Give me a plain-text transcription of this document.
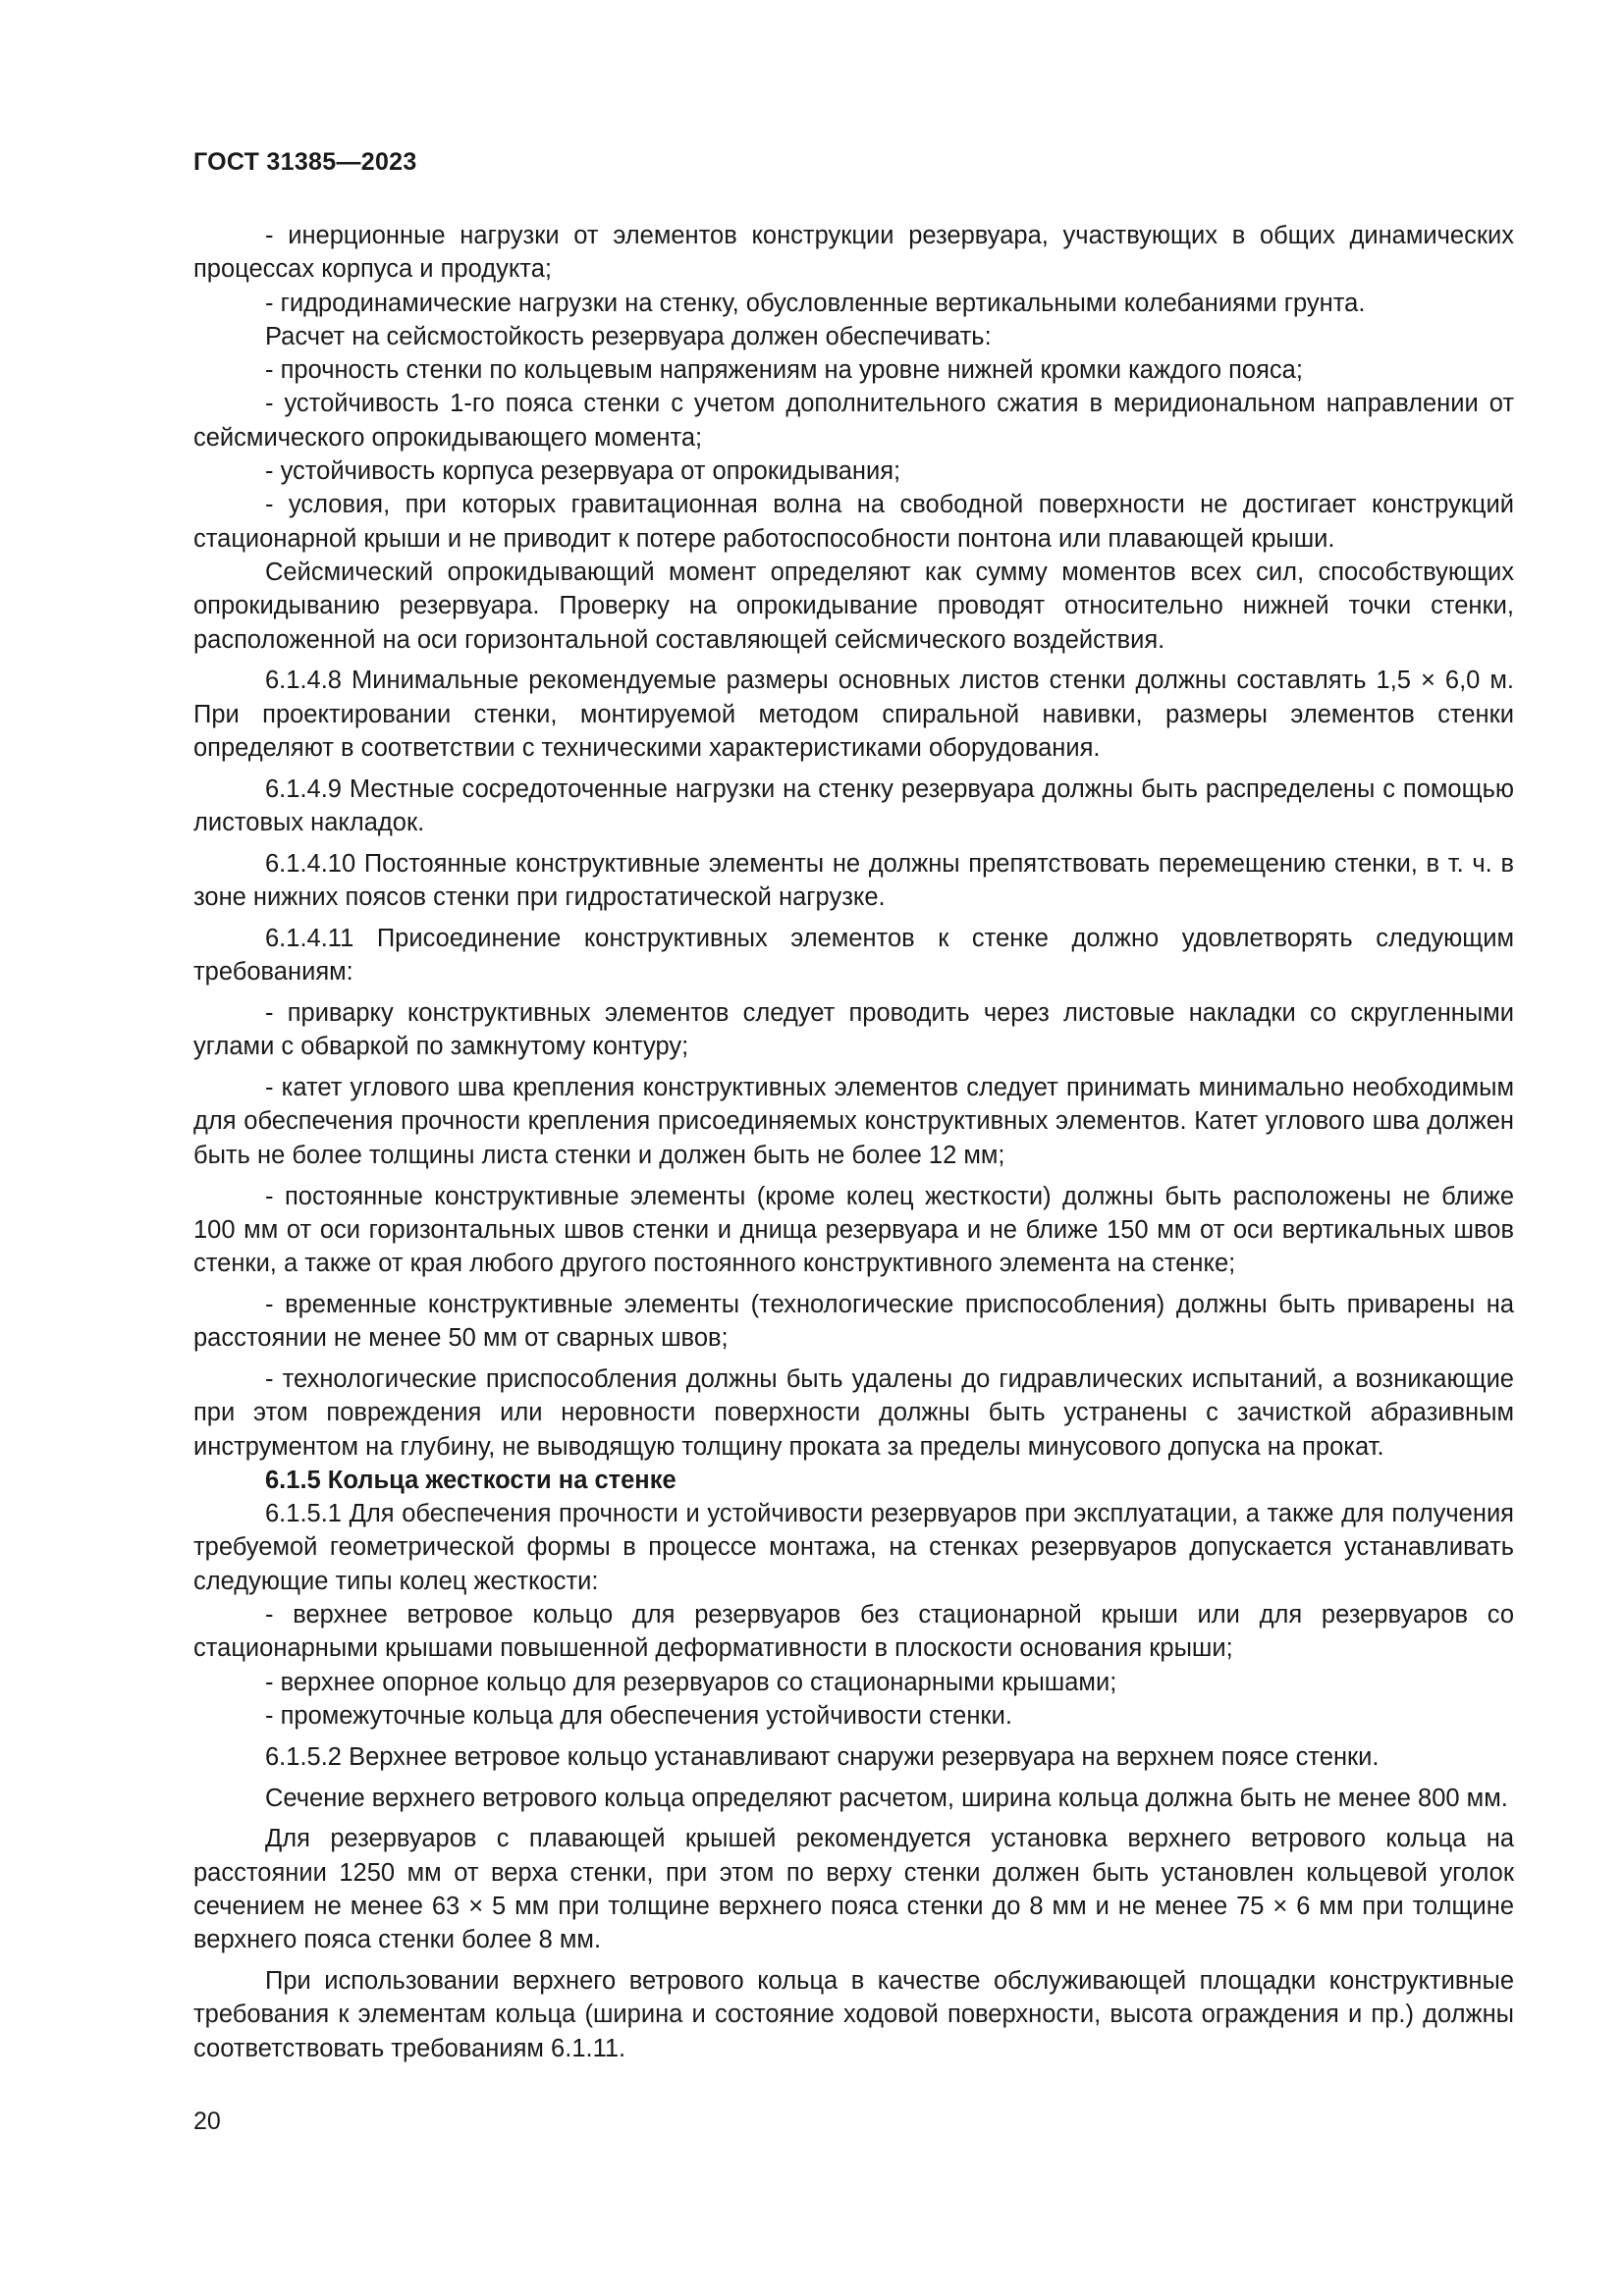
ГОСТ 31385—2023

- инерционные нагрузки от элементов конструкции резервуара, участвующих в общих динамических процессах корпуса и продукта;

- гидродинамические нагрузки на стенку, обусловленные вертикальными колебаниями грунта.

Расчет на сейсмостойкость резервуара должен обеспечивать:

- прочность стенки по кольцевым напряжениям на уровне нижней кромки каждого пояса;

- устойчивость 1-го пояса стенки с учетом дополнительного сжатия в меридиональном направлении от сейсмического опрокидывающего момента;

- устойчивость корпуса резервуара от опрокидывания;

- условия, при которых гравитационная волна на свободной поверхности не достигает конструкций стационарной крыши и не приводит к потере работоспособности понтона или плавающей крыши.

Сейсмический опрокидывающий момент определяют как сумму моментов всех сил, способствующих опрокидыванию резервуара. Проверку на опрокидывание проводят относительно нижней точки стенки, расположенной на оси горизонтальной составляющей сейсмического воздействия.

6.1.4.8 Минимальные рекомендуемые размеры основных листов стенки должны составлять 1,5 × 6,0 м. При проектировании стенки, монтируемой методом спиральной навивки, размеры элементов стенки определяют в соответствии с техническими характеристиками оборудования.

6.1.4.9 Местные сосредоточенные нагрузки на стенку резервуара должны быть распределены с помощью листовых накладок.

6.1.4.10 Постоянные конструктивные элементы не должны препятствовать перемещению стенки, в т. ч. в зоне нижних поясов стенки при гидростатической нагрузке.

6.1.4.11 Присоединение конструктивных элементов к стенке должно удовлетворять следующим требованиям:

- приварку конструктивных элементов следует проводить через листовые накладки со скругленными углами с обваркой по замкнутому контуру;

- катет углового шва крепления конструктивных элементов следует принимать минимально необходимым для обеспечения прочности крепления присоединяемых конструктивных элементов. Катет углового шва должен быть не более толщины листа стенки и должен быть не более 12 мм;

- постоянные конструктивные элементы (кроме колец жесткости) должны быть расположены не ближе 100 мм от оси горизонтальных швов стенки и днища резервуара и не ближе 150 мм от оси вертикальных швов стенки, а также от края любого другого постоянного конструктивного элемента на стенке;

- временные конструктивные элементы (технологические приспособления) должны быть приварены на расстоянии не менее 50 мм от сварных швов;

- технологические приспособления должны быть удалены до гидравлических испытаний, а возникающие при этом повреждения или неровности поверхности должны быть устранены с зачисткой абразивным инструментом на глубину, не выводящую толщину проката за пределы минусового допуска на прокат.

6.1.5 Кольца жесткости на стенке

6.1.5.1 Для обеспечения прочности и устойчивости резервуаров при эксплуатации, а также для получения требуемой геометрической формы в процессе монтажа, на стенках резервуаров допускается устанавливать следующие типы колец жесткости:

- верхнее ветровое кольцо для резервуаров без стационарной крыши или для резервуаров со стационарными крышами повышенной деформативности в плоскости основания крыши;

- верхнее опорное кольцо для резервуаров со стационарными крышами;

- промежуточные кольца для обеспечения устойчивости стенки.

6.1.5.2 Верхнее ветровое кольцо устанавливают снаружи резервуара на верхнем поясе стенки.

Сечение верхнего ветрового кольца определяют расчетом, ширина кольца должна быть не менее 800 мм.

Для резервуаров с плавающей крышей рекомендуется установка верхнего ветрового кольца на расстоянии 1250 мм от верха стенки, при этом по верху стенки должен быть установлен кольцевой уголок сечением не менее 63 × 5 мм при толщине верхнего пояса стенки до 8 мм и не менее 75 × 6 мм при толщине верхнего пояса стенки более 8 мм.

При использовании верхнего ветрового кольца в качестве обслуживающей площадки конструктивные требования к элементам кольца (ширина и состояние ходовой поверхности, высота ограждения и пр.) должны соответствовать требованиям 6.1.11.

20
